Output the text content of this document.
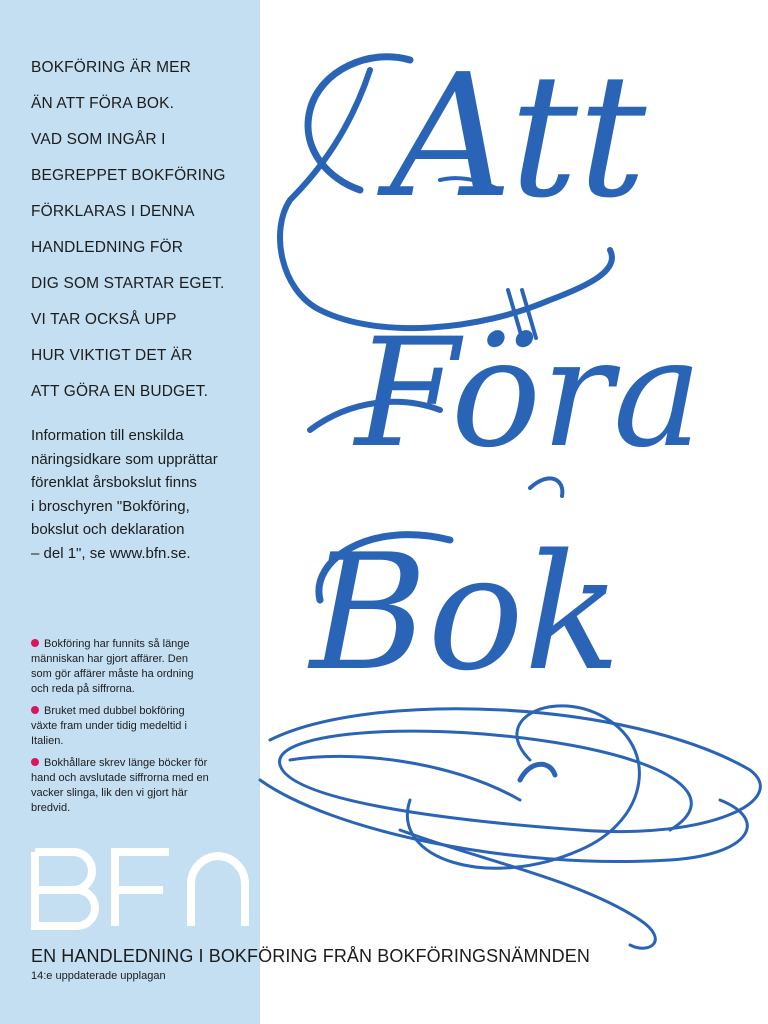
BOKFÖRING ÄR MER
ÄN ATT FÖRA BOK.
VAD SOM INGÅR I
BEGREPPET BOKFÖRING
FÖRKLARAS I DENNA
HANDLEDNING FÖR
DIG SOM STARTAR EGET.
VI TAR OCKSÅ UPP
HUR VIKTIGT DET ÄR
ATT GÖRA EN BUDGET.
Information till enskilda
näringsidkare som upprättar
förenklat årsbokslut finns
i broschyren "Bokföring,
bokslut och deklaration
– del 1", se www.bfn.se.
Bokföring har funnits så länge
människan har gjort affärer. Den
som gör affärer måste ha ordning
och reda på siffrorna.
Bruket med dubbel bokföring
växte fram under tidig medeltid i
Italien.
Bokhållare skrev länge böcker för
hand och avslutade siffrorna med en
vacker slinga, lik den vi gjort här
bredvid.
EN HANDLEDNING I BOKFÖRING FRÅN BOKFÖRINGSNÄMNDEN

14:e uppdaterade upplagan

Att
Föra
Bok
